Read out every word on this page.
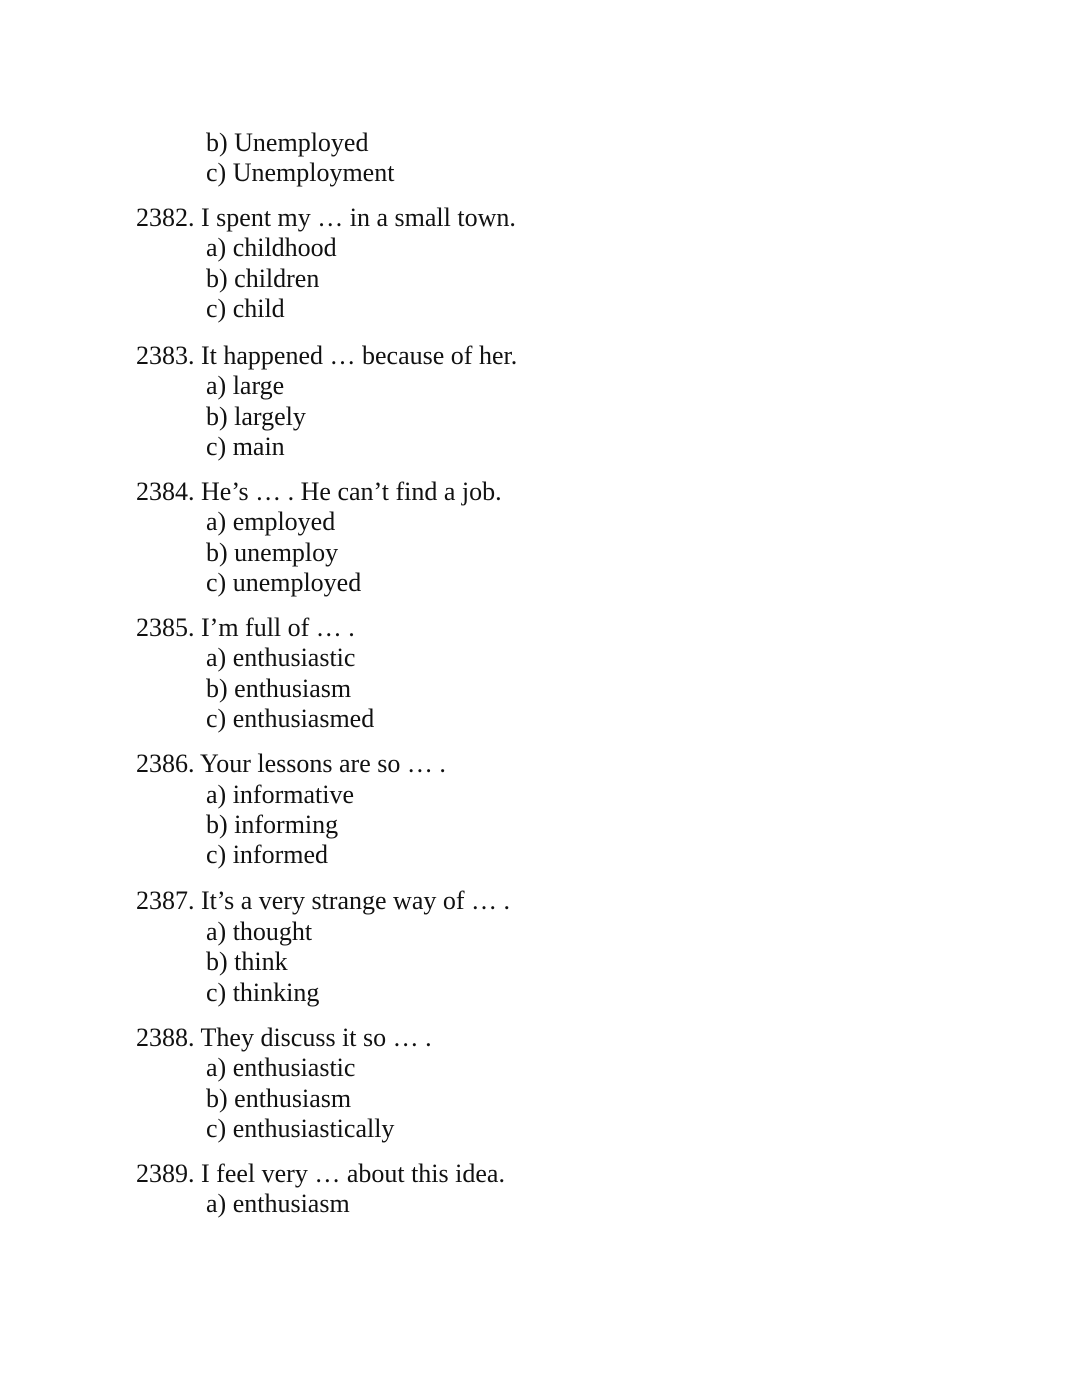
b) Unemployed
c) Unemployment
2382. I spent my … in a small town.
a) childhood
b) children
c) child
2383. It happened … because of her.
a) large
b) largely
c) main
2384. He’s … . He can’t find a job.
a) employed
b) unemploy
c) unemployed
2385. I’m full of … .
a) enthusiastic
b) enthusiasm
c) enthusiasmed
2386. Your lessons are so … .
a) informative
b) informing
c) informed
2387. It’s a very strange way of … .
a) thought
b) think
c) thinking
2388. They discuss it so … .
a) enthusiastic
b) enthusiasm
c) enthusiastically
2389. I feel very … about this idea.
a) enthusiasm
